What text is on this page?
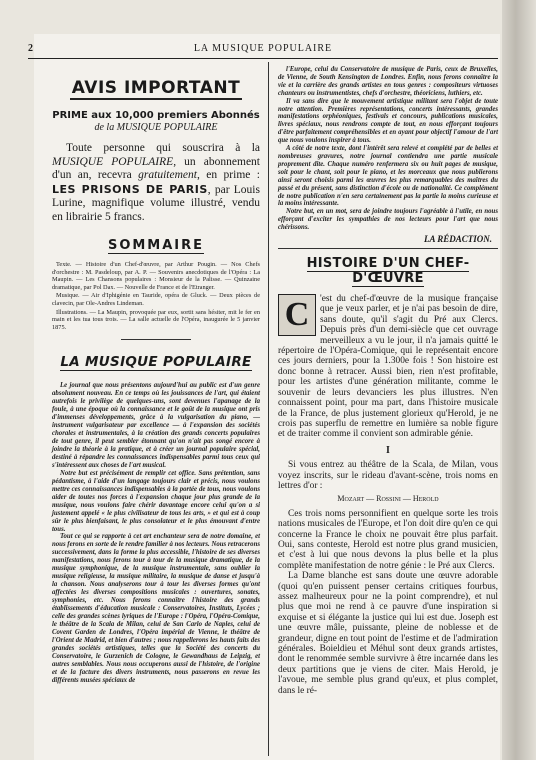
2	LA MUSIQUE POPULAIRE
AVIS IMPORTANT
PRIME aux 10,000 premiers Abonnés
de la MUSIQUE POPULAIRE
Toute personne qui souscrira à la MUSIQUE POPULAIRE, un abonnement d'un an, recevra gratuitement, en prime : LES PRISONS DE PARIS, par Louis Lurine, magnifique volume illustré, vendu en librairie 5 francs.
SOMMAIRE

Texte. — Histoire d'un Chef-d'œuvre, par Arthur Pougin. — Nos Chefs d'orchestre : M. Pasdeloup, par A. P. — Souvenirs anecdotiques de l'Opéra : La Maupin. — Les Chansons populaires : Monsieur de la Palisse. — Quinzaine dramatique, par Pol Dax. — Nouvelle de France et de l'Etranger.

Musique. — Air d'Iphigénie en Tauride, opéra de Gluck. — Deux pièces de clavecin, par Ole-Andres Lindeman.

Illustrations. — La Maupin, provoquée par eux, sortit sans hésiter, mit le fer en main et les tua tous trois. — La salle actuelle de l'Opéra, inaugurée le 5 janvier 1875.

LA MUSIQUE POPULAIRE

Le journal que nous présentons aujourd'hui au public est d'un genre absolument nouveau. En ce temps où les jouissances de l'art, qui étaient autrefois le privilège de quelques-uns, sont devenues l'apanage de la foule, à une époque où la connaissance et le goût de la musique ont pris d'immenses développements, grâce à la vulgarisation du piano, — instrument vulgarisateur par excellence — à l'expansion des sociétés chorales et instrumentales, à la création des grands concerts populaires de tout genre, il peut sembler étonnant qu'on n'ait pas songé encore à joindre la théorie à la pratique, et à créer un journal populaire spécial, destiné à répandre les connaissances indispensables parmi tous ceux qui s'intéressent aux choses de l'art musical.

Notre but est précisément de remplir cet office. Sans prétention, sans pédantisme, à l'aide d'un langage toujours clair et précis, nous voulons mettre ces connaissances indispensables à la portée de tous, nous voulons aider de toutes nos forces à l'expansion chaque jour plus grande de la musique, nous voulons faire chérir davantage encore celui qu'on a si justement appelé « le plus civilisateur de tous les arts, » et qui est à coup sûr le plus bienfaisant, le plus consolateur et le plus émouvant d'entre tous.

Tout ce qui se rapporte à cet art enchanteur sera de notre domaine, et nous ferons en sorte de le rendre familier à nos lecteurs. Nous retracerons successivement, dans la forme la plus accessible, l'histoire de ses diverses manifestations, nous ferons tour à tour de la musique dramatique, de la musique symphonique, de la musique instrumentale, sans oublier la musique religieuse, la musique militaire, la musique de danse et jusqu'à la chanson. Nous analyserons tour à tour les diverses formes qu'ont affectées les diverses compositions musicales : ouvertures, sonates, symphonies, etc. Nous ferons connaître l'histoire des grands établissements d'éducation musicale : Conservatoires, Instituts, Lycées ; celle des grandes scènes lyriques de l'Europe : l'Opéra, l'Opéra-Comique, le théâtre de la Scala de Milan, celui de San Carlo de Naples, celui de Covent Garden de Londres, l'Opéra impérial de Vienne, le théâtre de l'Orient de Madrid, et bien d'autres ; nous rappellerons les hauts faits des grandes sociétés artistiques, telles que la Société des concerts du Conservatoire, le Gurzenich de Cologne, le Gewandhaus de Leipzig, et autres semblables. Nous nous occuperons aussi de l'histoire, de l'origine et de la facture des divers instruments, nous passerons en revue les différents musées spéciaux de

l'Europe, celui du Conservatoire de musique de Paris, ceux de Bruxelles, de Vienne, de South Kensington de Londres. Enfin, nous ferons connaître la vie et la carrière des grands artistes en tous genres : compositeurs virtuoses chanteurs ou instrumentistes, chefs d'orchestre, théoriciens, luthiers, etc.

Il va sans dire que le mouvement artistique militant sera l'objet de toute notre attention. Premières représentations, concerts intéressants, grandes manifestations orphéoniques, festivals et concours, publications musicales, livres spéciaux, nous rendrons compte de tout, en nous efforçant toujours d'être parfaitement compréhensibles et en ayant pour objectif l'amour de l'art que nous voulons inspirer à tous.

A côté de notre texte, dont l'intérêt sera relevé et complété par de belles et nombreuses gravures, notre journal contiendra une partie musicale proprement dite. Chaque numéro renfermera six ou huit pages de musique, soit pour le chant, soit pour le piano, et les morceaux que nous publierons ainsi seront choisis parmi les œuvres les plus remarquables des maîtres du passé et du présent, sans distinction d'école ou de nationalité. Ce complément de notre publication n'en sera certainement pas la partie la moins curieuse et la moins intéressante.

Notre but, en un mot, sera de joindre toujours l'agréable à l'utile, en nous efforçant d'exciter les sympathies de nos lecteurs pour l'art que nous chérissons.

LA RÉDACTION.
HISTOIRE D'UN CHEF-D'ŒUVRE
C	'est du chef-d'œuvre de la musique française que je veux parler, et je n'ai pas besoin de dire, sans doute, qu'il s'agit du Pré aux Clercs. Depuis près d'un demi-siècle que cet ouvrage merveilleux a vu le jour, il n'a jamais quitté le répertoire de l'Opéra-Comique, qui le représentait encore ces jours derniers, pour la 1.300e fois ! Son histoire est donc bonne à retracer. Aussi bien, rien n'est profitable, pour les artistes d'une génération militante, comme le souvenir de leurs devanciers les plus illustres. N'en connaissent point, pour ma part, dans l'histoire musicale de la France, de plus justement glorieux qu'Herold, je ne crois pas superflu de remettre en lumière sa noble figure et de traiter comme il convient son admirable génie.

I

Si vous entrez au théâtre de la Scala, de Milan, vous voyez inscrits, sur le rideau d'avant-scène, trois noms en lettres d'or :

Mozart — Rossini — Herold

Ces trois noms personnifient en quelque sorte les trois nations musicales de l'Europe, et l'on doit dire qu'en ce qui concerne la France le choix ne pouvait être plus parfait. Oui, sans conteste, Herold est notre plus grand musicien, et c'est à lui que nous devons la plus belle et la plus complète manifestation de notre génie : le Pré aux Clercs.

La Dame blanche est sans doute une œuvre adorable (quoi qu'en puissent penser certains critiques fourbus, assez malheureux pour ne la point comprendre), et nul plus que moi ne rend à ce pauvre d'une inspiration si exquise et si élégante la justice qui lui est due. Joseph est une œuvre mâle, puissante, pleine de noblesse et de grandeur, digne en tout point de l'estime et de l'admiration générales. Boieldieu et Méhul sont deux grands artistes, dont le renommée semble survivre à être incarnée dans les deux partitions que je viens de citer. Mais Herold, je l'avoue, me semble plus grand qu'eux, et plus complet, dans le ré-
